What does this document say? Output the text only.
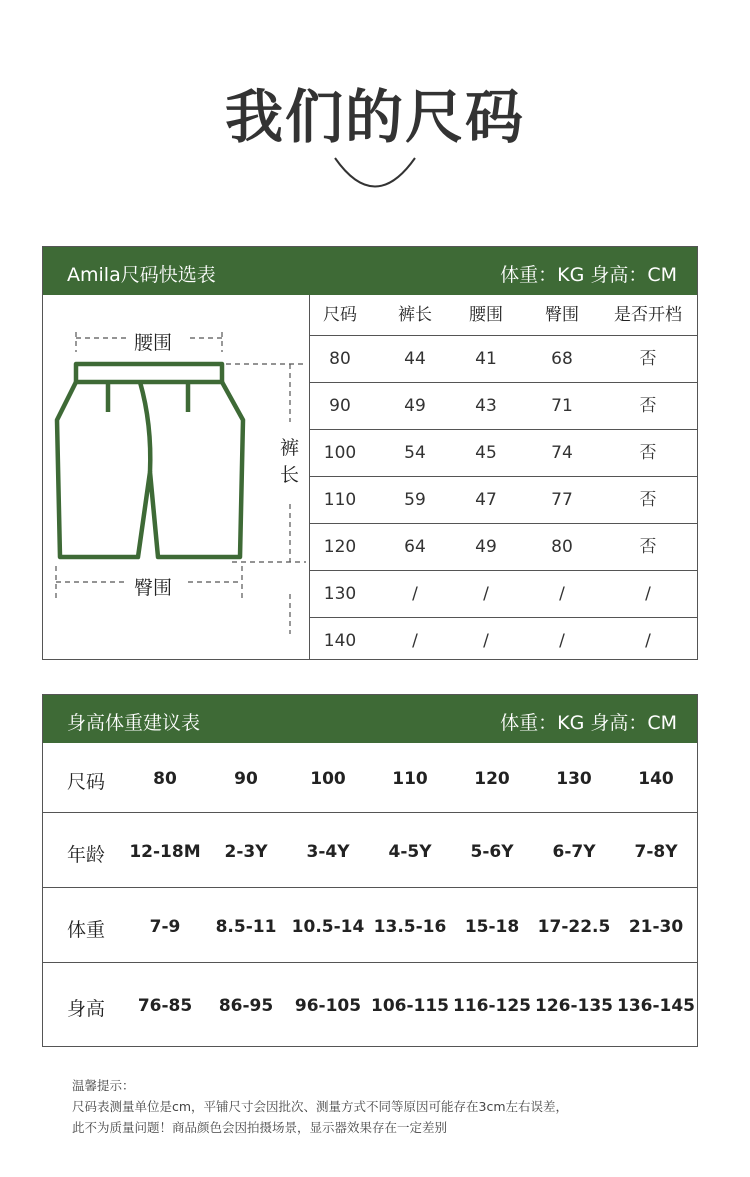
我们的尺码
Amila尺码快选表	体重：KG 身高：CM
尺码	裤长	腰围	臀围	是否开档
80	44	41	68	否
90	49	43	71	否
100	54	45	74	否
110	59	47	77	否
120	64	49	80	否
130	/	/	/	/
140	/	/	/	/
腰围
臀围
裤
长
身高体重建议表	体重：KG 身高：CM
尺码	80	90	100	110	120	130	140
年龄 12-18M	2-3Y	3-4Y	4-5Y	5-6Y	6-7Y	7-8Y
体重	7-9	8.5-11 10.5-14 13.5-16	15-18	17-22.5	21-30
身高	76-85	86-95	96-105 106-115 116-125 126-135 136-145
温馨提示：
尺码表测量单位是cm，平铺尺寸会因批次、测量方式不同等原因可能存在3cm左右误差，
此不为质量问题！商品颜色会因拍摄场景，显示器效果存在一定差别
